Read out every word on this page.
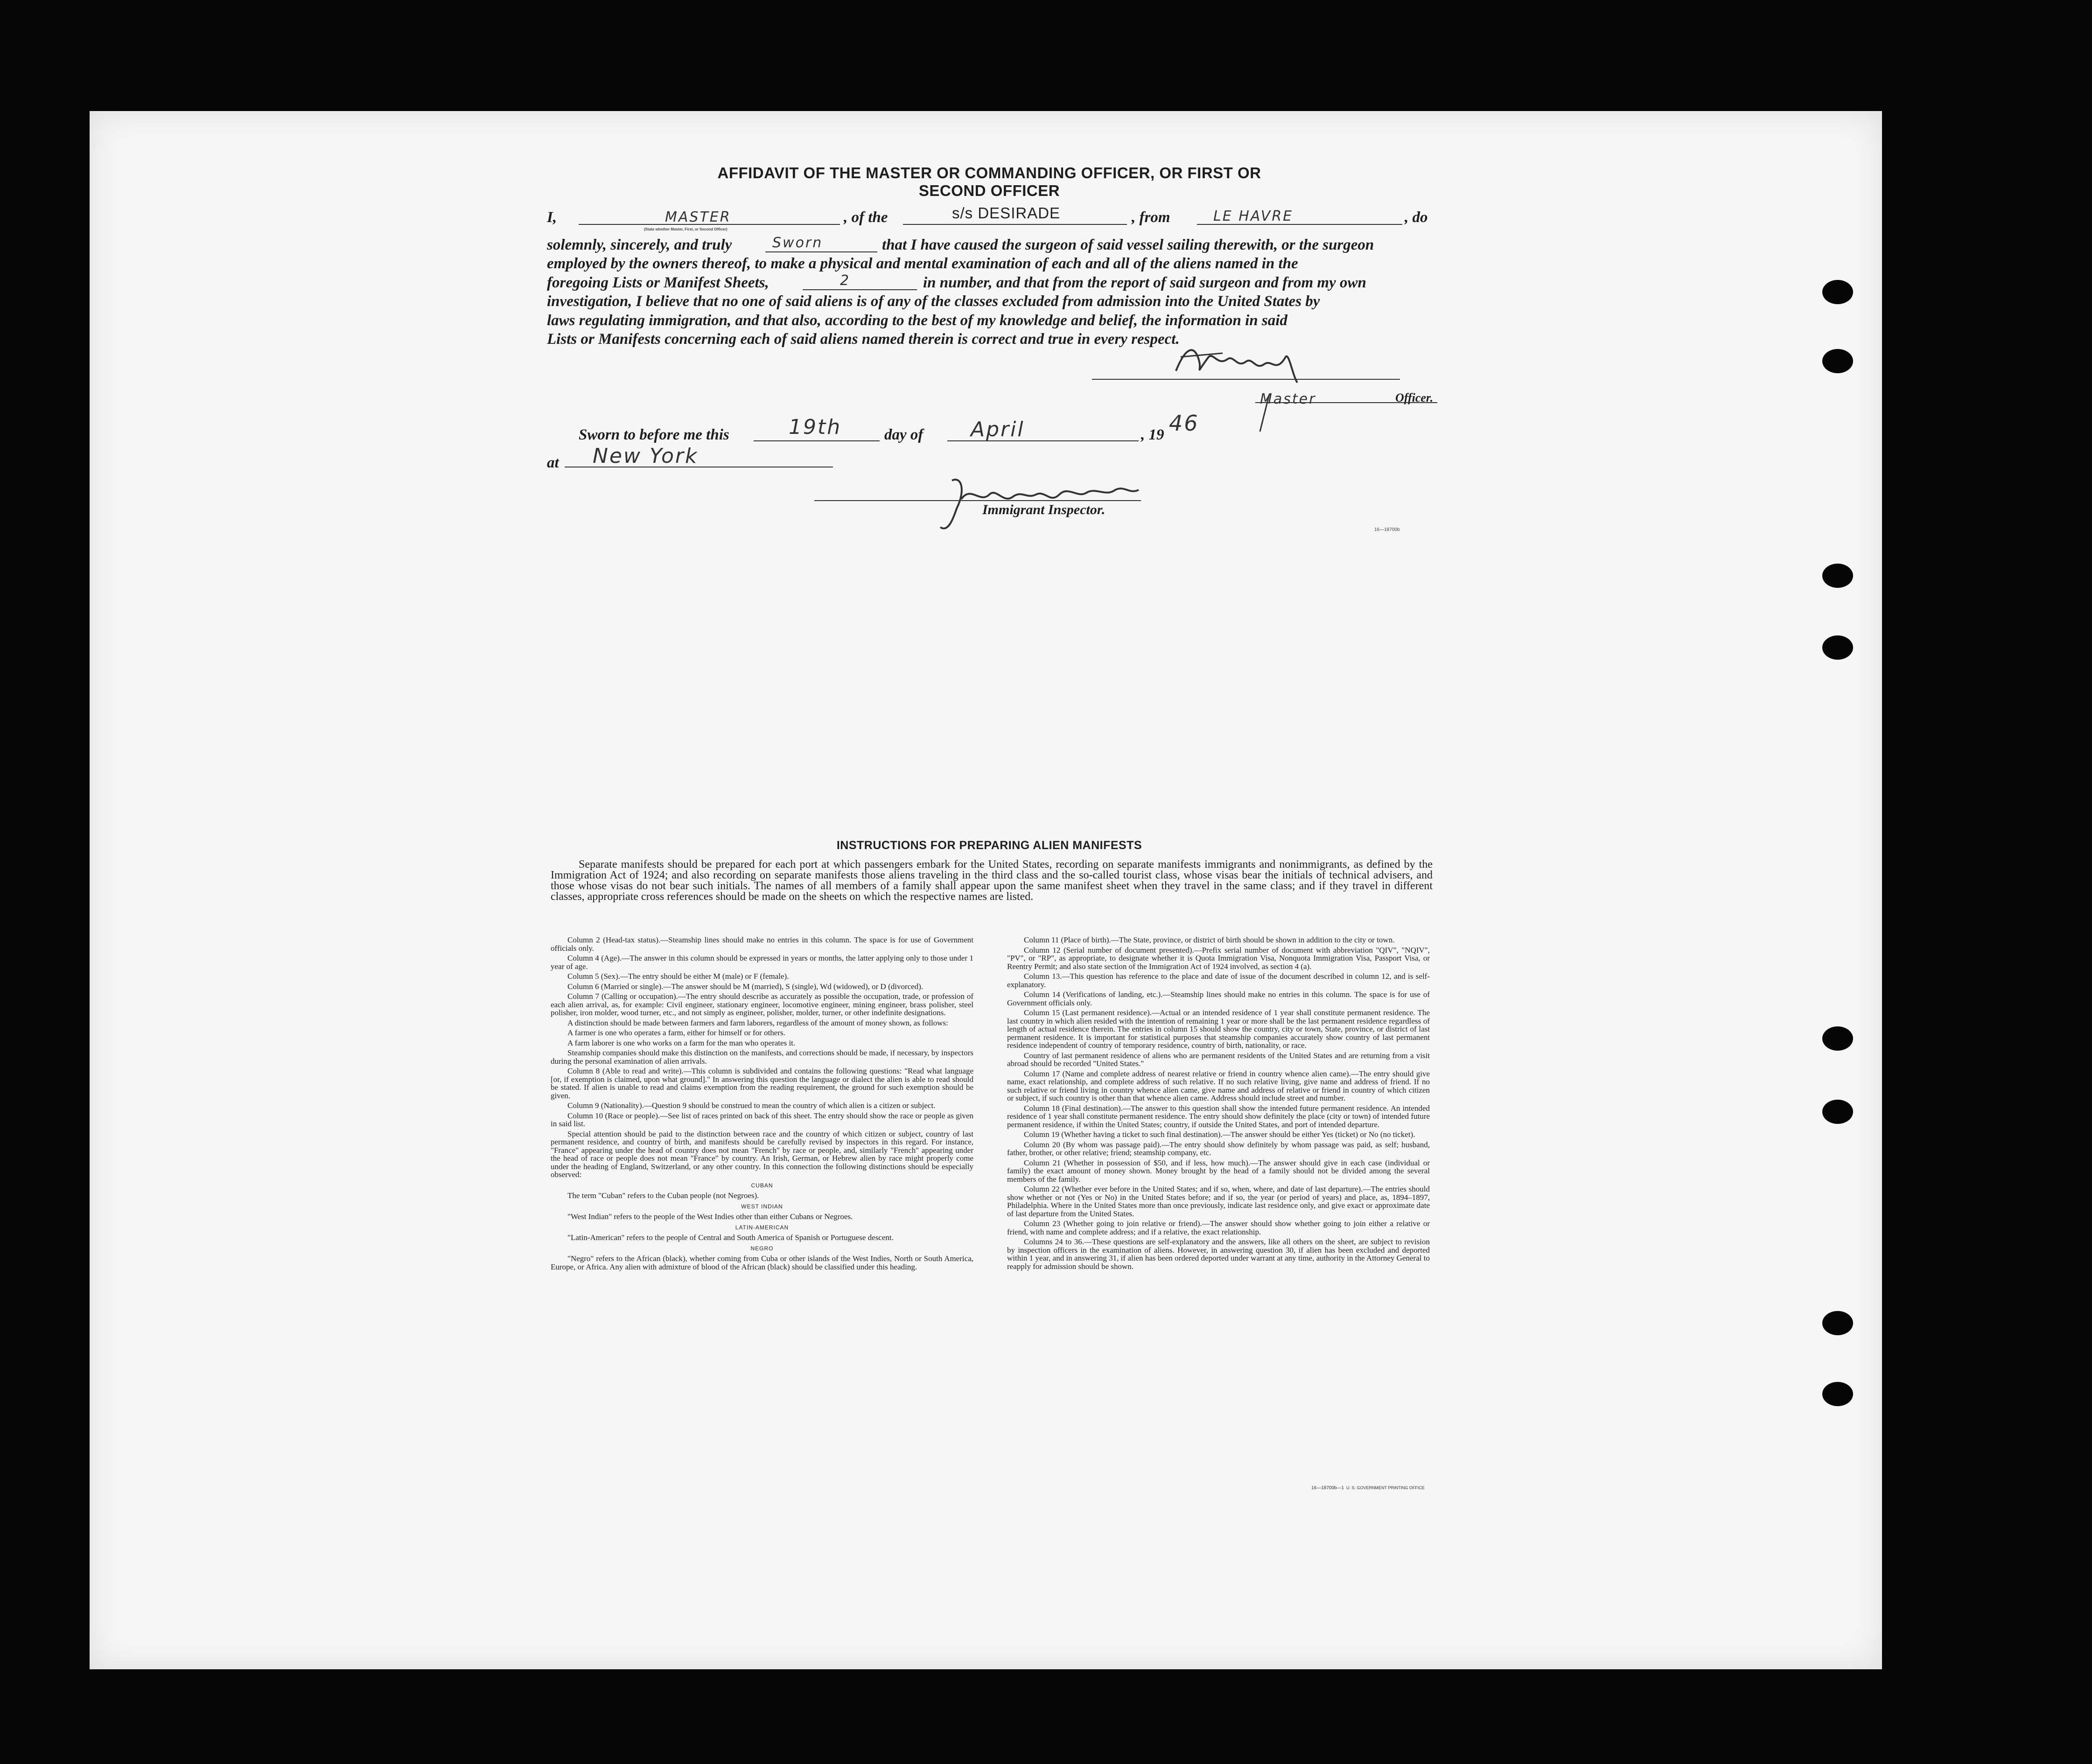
AFFIDAVIT OF THE MASTER OR COMMANDING OFFICER, OR FIRST OR SECOND OFFICER
I,	MASTER
(State whether Master, First, or Second Officer)
, of the	s/s DESIRADE	, from	LE HAVRE	, do
solemnly, sincerely, and truly	Sworn	that I have caused the surgeon of said vessel sailing therewith, or the surgeon
employed by the owners thereof, to make a physical and mental examination of each and all of the aliens named in the
foregoing Lists or Manifest Sheets,	2	in number, and that from the report of said surgeon and from my own
investigation, I believe that no one of said aliens is of any of the classes excluded from admission into the United States by
laws regulating immigration, and that also, according to the best of my knowledge and belief, the information in said
Lists or Manifests concerning each of said aliens named therein is correct and true in every respect.
Master	Officer.
Sworn to before me this	19th	day of April	, 19 46
at New York
Immigrant Inspector.
16—18700b
INSTRUCTIONS FOR PREPARING ALIEN MANIFESTS
Separate manifests should be prepared for each port at which passengers embark for the United States, recording on separate manifests immigrants and nonimmigrants, as defined by the Immigration Act of 1924; and also recording on separate manifests those aliens traveling in the third class and the so-called tourist class, whose visas bear the initials of technical advisers, and those whose visas do not bear such initials. The names of all members of a family shall appear upon the same manifest sheet when they travel in the same class; and if they travel in different classes, appropriate cross references should be made on the sheets on which the respective names are listed.

Column 2 (Head-tax status).—Steamship lines should make no entries in this column. The space is for use of Government officials only.

Column 4 (Age).—The answer in this column should be expressed in years or months, the latter applying only to those under 1 year of age.

Column 5 (Sex).—The entry should be either M (male) or F (female).

Column 6 (Married or single).—The answer should be M (married), S (single), Wd (widowed), or D (divorced).

Column 7 (Calling or occupation).—The entry should describe as accurately as possible the occupation, trade, or profession of each alien arrival, as, for example: Civil engineer, stationary engineer, locomotive engineer, mining engineer, brass polisher, steel polisher, iron molder, wood turner, etc., and not simply as engineer, polisher, molder, turner, or other indefinite designations.

A distinction should be made between farmers and farm laborers, regardless of the amount of money shown, as follows:

A farmer is one who operates a farm, either for himself or for others.

A farm laborer is one who works on a farm for the man who operates it.

Steamship companies should make this distinction on the manifests, and corrections should be made, if necessary, by inspectors during the personal examination of alien arrivals.

Column 8 (Able to read and write).—This column is subdivided and contains the following questions: "Read what language [or, if exemption is claimed, upon what ground]." In answering this question the language or dialect the alien is able to read should be stated. If alien is unable to read and claims exemption from the reading requirement, the ground for such exemption should be given.

Column 9 (Nationality).—Question 9 should be construed to mean the country of which alien is a citizen or subject.

Column 10 (Race or people).—See list of races printed on back of this sheet. The entry should show the race or people as given in said list.

Special attention should be paid to the distinction between race and the country of which citizen or subject, country of last permanent residence, and country of birth, and manifests should be carefully revised by inspectors in this regard. For instance, "France" appearing under the head of country does not mean "French" by race or people, and, similarly "French" appearing under the head of race or people does not mean "France" by country. An Irish, German, or Hebrew alien by race might properly come under the heading of England, Switzerland, or any other country. In this connection the following distinctions should be especially observed:

CUBAN

The term "Cuban" refers to the Cuban people (not Negroes).

WEST INDIAN

"West Indian" refers to the people of the West Indies other than either Cubans or Negroes.

LATIN-AMERICAN

"Latin-American" refers to the people of Central and South America of Spanish or Portuguese descent.

NEGRO

"Negro" refers to the African (black), whether coming from Cuba or other islands of the West Indies, North or South America, Europe, or Africa. Any alien with admixture of blood of the African (black) should be classified under this heading.

Column 11 (Place of birth).—The State, province, or district of birth should be shown in addition to the city or town.

Column 12 (Serial number of document presented).—Prefix serial number of document with abbreviation "QIV", "NQIV", "PV", or "RP", as appropriate, to designate whether it is Quota Immigration Visa, Nonquota Immigration Visa, Passport Visa, or Reentry Permit; and also state section of the Immigration Act of 1924 involved, as section 4 (a).

Column 13.—This question has reference to the place and date of issue of the document described in column 12, and is self-explanatory.

Column 14 (Verifications of landing, etc.).—Steamship lines should make no entries in this column. The space is for use of Government officials only.

Column 15 (Last permanent residence).—Actual or an intended residence of 1 year shall constitute permanent residence. The last country in which alien resided with the intention of remaining 1 year or more shall be the last permanent residence regardless of length of actual residence therein. The entries in column 15 should show the country, city or town, State, province, or district of last permanent residence. It is important for statistical purposes that steamship companies accurately show country of last permanent residence independent of country of temporary residence, country of birth, nationality, or race.

Country of last permanent residence of aliens who are permanent residents of the United States and are returning from a visit abroad should be recorded "United States."

Column 17 (Name and complete address of nearest relative or friend in country whence alien came).—The entry should give name, exact relationship, and complete address of such relative. If no such relative living, give name and address of friend. If no such relative or friend living in country whence alien came, give name and address of relative or friend in country of which citizen or subject, if such country is other than that whence alien came. Address should include street and number.

Column 18 (Final destination).—The answer to this question shall show the intended future permanent residence. An intended residence of 1 year shall constitute permanent residence. The entry should show definitely the place (city or town) of intended future permanent residence, if within the United States; country, if outside the United States, and port of intended departure.

Column 19 (Whether having a ticket to such final destination).—The answer should be either Yes (ticket) or No (no ticket).

Column 20 (By whom was passage paid).—The entry should show definitely by whom passage was paid, as self; husband, father, brother, or other relative; friend; steamship company, etc.

Column 21 (Whether in possession of $50, and if less, how much).—The answer should give in each case (individual or family) the exact amount of money shown. Money brought by the head of a family should not be divided among the several members of the family.

Column 22 (Whether ever before in the United States; and if so, when, where, and date of last departure).—The entries should show whether or not (Yes or No) in the United States before; and if so, the year (or period of years) and place, as, 1894–1897, Philadelphia. Where in the United States more than once previously, indicate last residence only, and give exact or approximate date of last departure from the United States.

Column 23 (Whether going to join relative or friend).—The answer should show whether going to join either a relative or friend, with name and complete address; and if a relative, the exact relationship.

Columns 24 to 36.—These questions are self-explanatory and the answers, like all others on the sheet, are subject to revision by inspection officers in the examination of aliens. However, in answering question 30, if alien has been excluded and deported within 1 year, and in answering 31, if alien has been ordered deported under warrant at any time, authority in the Attorney General to reapply for admission should be shown.

16—18700b—1 U. S. GOVERNMENT PRINTING OFFICE
